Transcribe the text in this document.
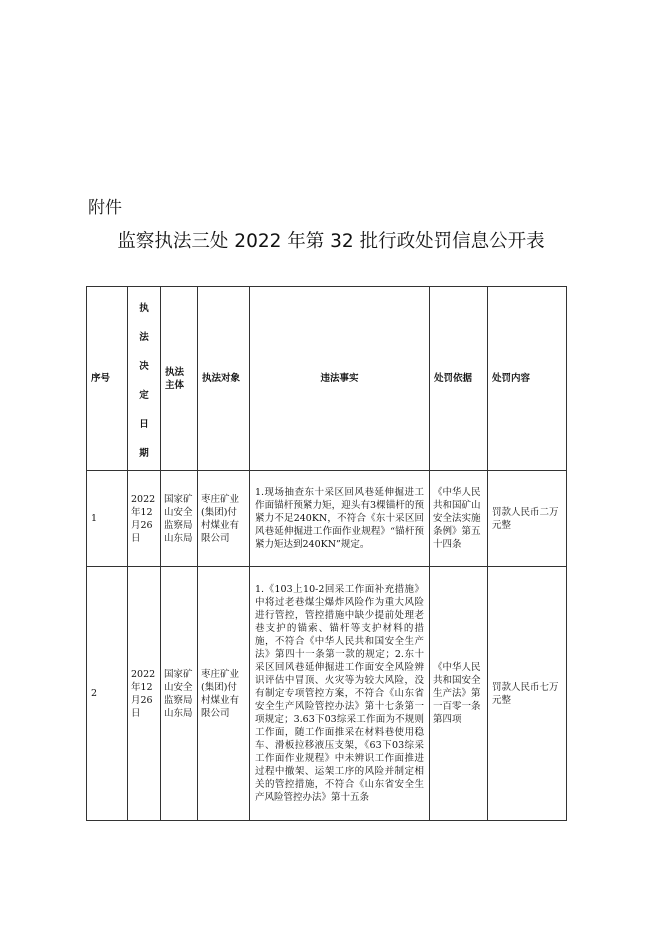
附件
监察执法三处 2022 年第 32 批行政处罚信息公开表
序号	执法决定日期	执法主体	执法对象	违法事实	处罚依据	处罚内容
1	2022年12月26日	国家矿山安全监察局山东局	枣庄矿业(集团)付村煤业有限公司	1.现场抽查东十采区回风巷延伸掘进工作面锚杆预紧力矩，迎头有3棵锚杆的预紧力不足240KN，不符合《东十采区回风巷延伸掘进工作面作业规程》“锚杆预紧力矩达到240KN”规定。	《中华人民共和国矿山安全法实施条例》第五十四条	罚款人民币二万元整
2	2022年12月26日	国家矿山安全监察局山东局	枣庄矿业(集团)付村煤业有限公司	1.《103上10-2回采工作面补充措施》中将过老巷煤尘爆炸风险作为重大风险进行管控，管控措施中缺少提前处理老巷支护的锚索、锚杆等支护材料的措施，不符合《中华人民共和国安全生产法》第四十一条第一款的规定；2.东十采区回风巷延伸掘进工作面安全风险辨识评估中冒顶、火灾等为较大风险，没有制定专项管控方案，不符合《山东省安全生产风险管控办法》第十七条第一项规定；3.63下03综采工作面为不规则工作面，随工作面推采在材料巷使用稳车、滑板拉移液压支架，《63下03综采工作面作业规程》中未辨识工作面推进过程中撤架、运架工序的风险并制定相关的管控措施，不符合《山东省安全生产风险管控办法》第十五条	《中华人民共和国安全生产法》第一百零一条第四项	罚款人民币七万元整
